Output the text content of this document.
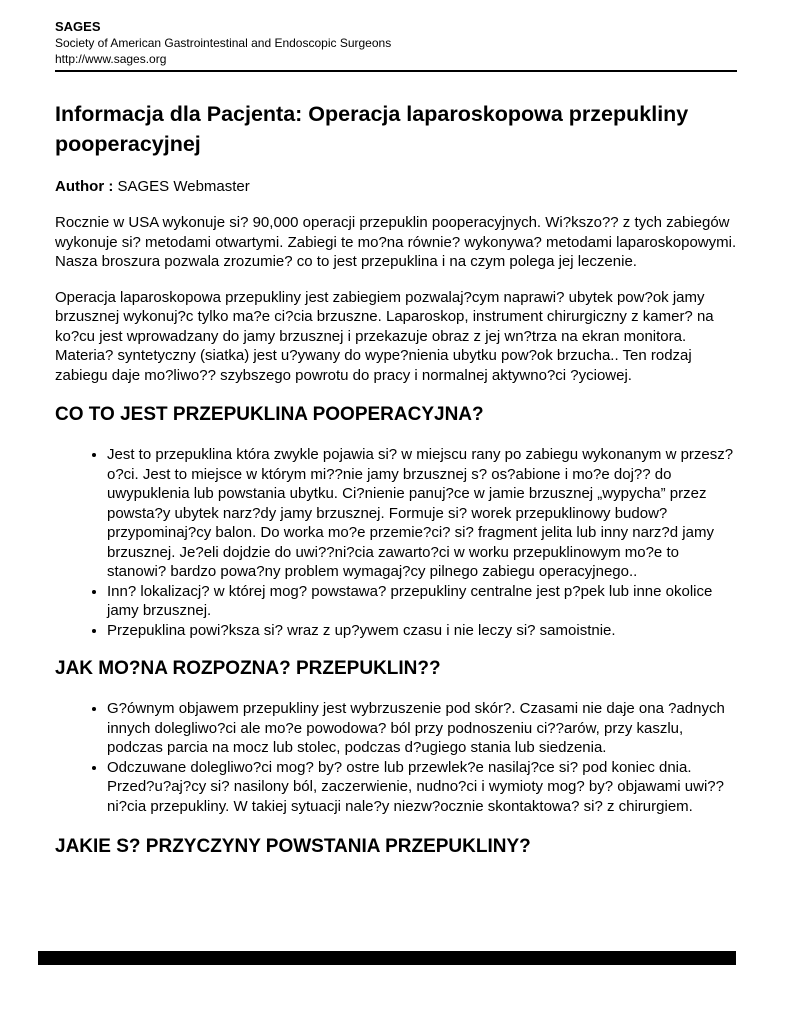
SAGES
Society of American Gastrointestinal and Endoscopic Surgeons
http://www.sages.org
Informacja dla Pacjenta: Operacja laparoskopowa przepukliny pooperacyjnej
Author : SAGES Webmaster

Rocznie w USA wykonuje si? 90,000 operacji przepuklin pooperacyjnych. Wi?kszo?? z tych zabiegów wykonuje si? metodami otwartymi. Zabiegi te mo?na równie? wykonywa? metodami laparoskopowymi. Nasza broszura pozwala zrozumie? co to jest przepuklina i na czym polega jej leczenie.

Operacja laparoskopowa przepukliny jest zabiegiem pozwalaj?cym naprawi? ubytek pow?ok jamy brzusznej wykonuj?c tylko ma?e ci?cia brzuszne. Laparoskop, instrument chirurgiczny z kamer? na ko?cu jest wprowadzany do jamy brzusznej i przekazuje obraz z jej wn?trza na ekran monitora. Materia? syntetyczny (siatka) jest u?ywany do wype?nienia ubytku pow?ok brzucha.. Ten rodzaj zabiegu daje mo?liwo?? szybszego powrotu do pracy i normalnej aktywno?ci ?yciowej.

CO TO JEST PRZEPUKLINA POOPERACYJNA?
• Jest to przepuklina która zwykle pojawia si? w miejscu rany po zabiegu wykonanym w przesz?o?ci. Jest to miejsce w którym mi??nie jamy brzusznej s? os?abione i mo?e doj?? do uwypuklenia lub powstania ubytku. Ci?nienie panuj?ce w jamie brzusznej „wypycha” przez powsta?y ubytek narz?dy jamy brzusznej. Formuje si? worek przepuklinowy budow? przypominaj?cy balon. Do worka mo?e przemie?ci? si? fragment jelita lub inny narz?d jamy brzusznej. Je?eli dojdzie do uwi??ni?cia zawarto?ci w worku przepuklinowym mo?e to stanowi? bardzo powa?ny problem wymagaj?cy pilnego zabiegu operacyjnego..
• Inn? lokalizacj? w której mog? powstawa? przepukliny centralne jest p?pek lub inne okolice jamy brzusznej.
• Przepuklina powi?ksza si? wraz z up?ywem czasu i nie leczy si? samoistnie.
JAK MO?NA ROZPOZNA? PRZEPUKLIN??
• G?ównym objawem przepukliny jest wybrzuszenie pod skór?. Czasami nie daje ona ?adnych innych dolegliwo?ci ale mo?e powodowa? ból przy podnoszeniu ci??arów, przy kaszlu, podczas parcia na mocz lub stolec, podczas d?ugiego stania lub siedzenia.
• Odczuwane dolegliwo?ci mog? by? ostre lub przewlek?e nasilaj?ce si? pod koniec dnia. Przed?u?aj?cy si? nasilony ból, zaczerwienie, nudno?ci i wymioty mog? by? objawami uwi??ni?cia przepukliny. W takiej sytuacji nale?y niezw?ocznie skontaktowa? si? z chirurgiem.
JAKIE S? PRZYCZYNY POWSTANIA PRZEPUKLINY?
